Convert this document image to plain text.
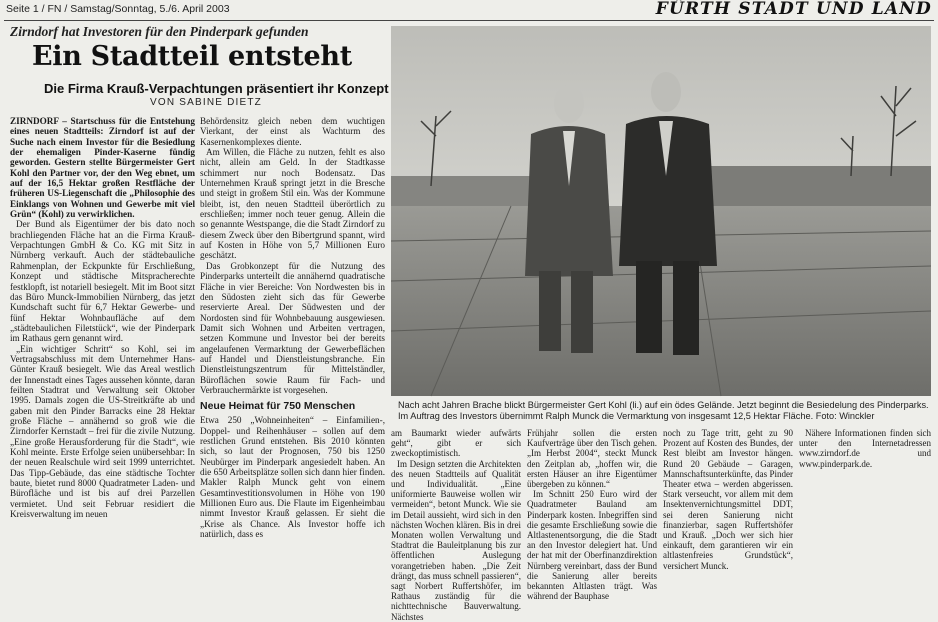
Seite 1 / FN / Samstag/Sonntag, 5./6. April 2003	FÜRTH STADT UND LAND
Zirndorf hat Investoren für den Pinderpark gefunden
Ein Stadtteil entsteht
Die Firma Krauß-Verpachtungen präsentiert ihr Konzept
VON SABINE DIETZ

ZIRNDORF – Startschuss für die Entstehung eines neuen Stadtteils: Zirndorf ist auf der Suche nach einem Investor für die Besiedlung der ehemaligen Pinder-Kaserne fündig geworden. Gestern stellte Bürgermeister Gert Kohl den Partner vor, der den Weg ebnet, um auf der 16,5 Hektar großen Restfläche der früheren US-Liegenschaft die „Philosophie des Einklangs von Wohnen und Gewerbe mit viel Grün“ (Kohl) zu verwirklichen.

Der Bund als Eigentümer der bis dato noch brachliegenden Fläche hat an die Firma Krauß-Verpachtungen GmbH & Co. KG mit Sitz in Nürnberg verkauft. Auch der städtebauliche Rahmenplan, der Eckpunkte für Erschließung, Konzept und städtische Mitspracherechte festklopft, ist notariell besiegelt. Mit im Boot sitzt das Büro Munck-Immobilien Nürnberg, das jetzt Kundschaft sucht für 6,7 Hektar Gewerbe- und fünf Hektar Wohnbaufläche auf dem „städtebaulichen Filetstück“, wie der Pinderpark im Rathaus gern genannt wird.

„Ein wichtiger Schritt“ so Kohl, sei im Vertragsabschluss mit dem Unternehmer Hans-Günter Krauß besiegelt. Wie das Areal westlich der Innenstadt eines Tages aussehen könnte, daran feilten Stadtrat und Verwaltung seit Oktober 1995. Damals zogen die US-Streitkräfte ab und gaben mit den Pinder Barracks eine 28 Hektar große Fläche – annähernd so groß wie die Zirndorfer Kernstadt – frei für die zivile Nutzung. „Eine große Herausforderung für die Stadt“, wie Kohl meinte. Erste Erfolge seien unübersehbar: In der neuen Realschule wird seit 1999 unterrichtet. Das Tipp-Gebäude, das eine städtische Tochter baute, bietet rund 8000 Quadratmeter Laden- und Bürofläche und ist bis auf drei Parzellen vermietet. Und seit Februar residiert die Kreisverwaltung im neuen

Behördensitz gleich neben dem wuchtigen Vierkant, der einst als Wachturm des Kasernenkomplexes diente.

Am Willen, die Fläche zu nutzen, fehlt es also nicht, allein am Geld. In der Stadtkasse schimmert nur noch Bodensatz. Das Unternehmen Krauß springt jetzt in die Bresche und steigt in großem Stil ein. Was der Kommune bleibt, ist, den neuen Stadtteil überörtlich zu erschließen; immer noch teuer genug. Allein die so genannte Westspange, die die Stadt Zirndorf zu diesem Zweck über den Bibertgrund spannt, wird auf Kosten in Höhe von 5,7 Millionen Euro geschätzt.

Das Grobkonzept für die Nutzung des Pinderparks unterteilt die annähernd quadratische Fläche in vier Bereiche: Von Nordwesten bis in den Südosten zieht sich das für Gewerbe reservierte Areal. Der Südwesten und der Nordosten sind für Wohnbebauung ausgewiesen. Damit sich Wohnen und Arbeiten vertragen, setzen Kommune und Investor bei der bereits angelaufenen Vermarktung der Gewerbeflächen auf Handel und Dienstleistungsbranche. Ein Dienstleistungszentrum für Mittelständler, Büroflächen sowie Raum für Fach- und Verbrauchermärkte ist vorgesehen.

Neue Heimat für 750 Menschen

Etwa 250 „Wohneinheiten“ – Einfamilien-, Doppel- und Reihenhäuser – sollen auf dem restlichen Grund entstehen. Bis 2010 könnten sich, so laut der Prognosen, 750 bis 1250 Neubürger im Pinderpark angesiedelt haben. An die 650 Arbeitsplätze sollen sich dann hier finden. Makler Ralph Munck geht von einem Gesamtinvestitionsvolumen in Höhe von 190 Millionen Euro aus. Die Flaute im Eigenheimbau nimmt Investor Krauß gelassen. Er sieht die „Krise als Chance. Als Investor hoffe ich natürlich, dass es

Nach acht Jahren Brache blickt Bürgermeister Gert Kohl (li.) auf ein ödes Gelände. Jetzt beginnt die Besiedelung des Pinderparks. Im Auftrag des Investors übernimmt Ralph Munck die Vermarktung von insgesamt 12,5 Hektar Fläche. Foto: Winckler

am Baumarkt wieder aufwärts geht“, gibt er sich zweckoptimistisch.

Im Design setzten die Architekten des neuen Stadtteils auf Qualität und Individualität. „Eine uniformierte Bauweise wollen wir vermeiden“, betont Munck. Wie sie im Detail aussieht, wird sich in den nächsten Wochen klären. Bis in drei Monaten wollen Verwaltung und Stadtrat die Bauleitplanung bis zur öffentlichen Auslegung vorangetrieben haben. „Die Zeit drängt, das muss schnell passieren“, sagt Norbert Ruffertshöfer, im Rathaus zuständig für die nichttechnische Bauverwaltung. Nächstes

Frühjahr sollen die ersten Kaufverträge über den Tisch gehen. „Im Herbst 2004“, steckt Munck den Zeitplan ab, „hoffen wir, die ersten Häuser an ihre Eigentümer übergeben zu können.“

Im Schnitt 250 Euro wird der Quadratmeter Bauland am Pinderpark kosten. Inbegriffen sind die gesamte Erschließung sowie die Altlastenentsorgung, die die Stadt an den Investor delegiert hat. Und der hat mit der Oberfinanzdirektion Nürnberg vereinbart, dass der Bund die Sanierung aller bereits bekannten Altlasten trägt. Was während der Bauphase

noch zu Tage tritt, geht zu 90 Prozent auf Kosten des Bundes, der Rest bleibt am Investor hängen. Rund 20 Gebäude – Garagen, Mannschaftsunterkünfte, das Pinder Theater etwa – werden abgerissen. Stark verseucht, vor allem mit dem Insektenvernichtungsmittel DDT, sei deren Sanierung nicht finanzierbar, sagen Ruffertshöfer und Krauß. „Doch wer sich hier einkauft, dem garantieren wir ein altlastenfreies Grundstück“, versichert Munck.

Nähere Informationen finden sich unter den Internetadressen www.zirndorf.de und www.pinderpark.de.
